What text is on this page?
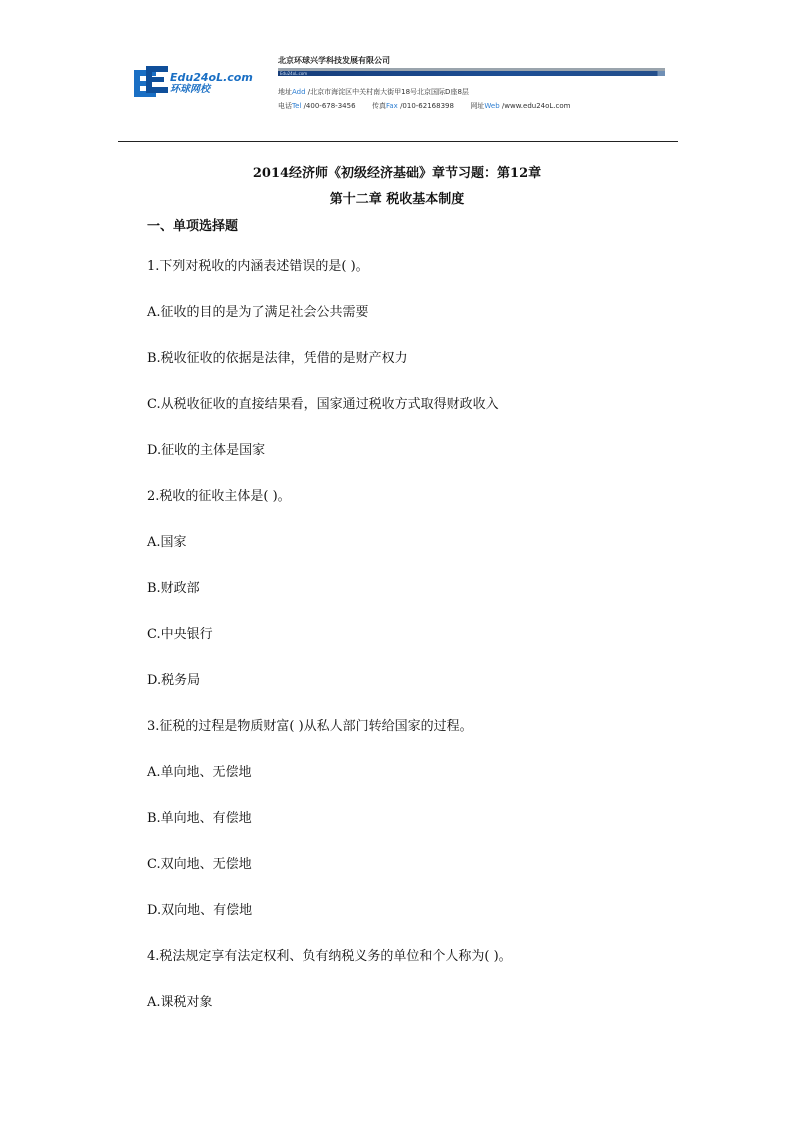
Edu24oL.com
环球网校
北京环球兴学科技发展有限公司
Edu24oL.com
地址Add /北京市海淀区中关村南大街甲18号北京国际D座8层
电话Tel /400-678-3456 传真Fax /010-62168398 网址Web /www.edu24oL.com
2014经济师《初级经济基础》章节习题：第12章
第十二章 税收基本制度
一、单项选择题
1.下列对税收的内涵表述错误的是( )。
A.征收的目的是为了满足社会公共需要
B.税收征收的依据是法律，凭借的是财产权力
C.从税收征收的直接结果看，国家通过税收方式取得财政收入
D.征收的主体是国家
2.税收的征收主体是( )。
A.国家
B.财政部
C.中央银行
D.税务局
3.征税的过程是物质财富( )从私人部门转给国家的过程。
A.单向地、无偿地
B.单向地、有偿地
C.双向地、无偿地
D.双向地、有偿地
4.税法规定享有法定权利、负有纳税义务的单位和个人称为( )。
A.课税对象
